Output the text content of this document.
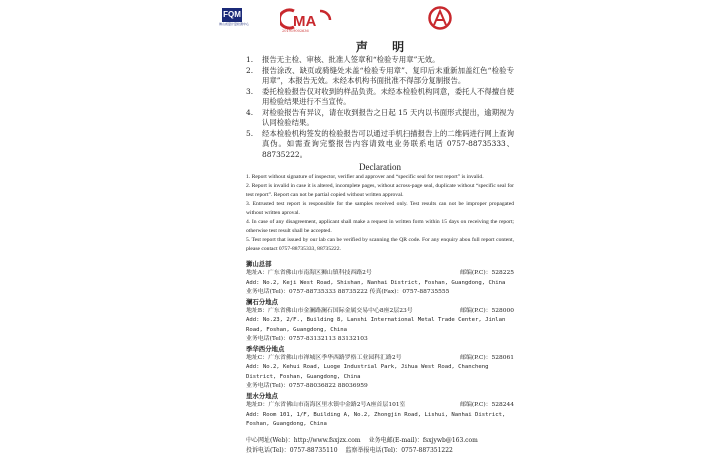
FQM
佛山质量计量检测中心	MA
201919002636
声 明
1.	报告无主检、审核、批准人签章和“检验专用章”无效。
2.	报告涂改、缺页或骑缝处未盖“检验专用章”、复印后未重新加盖红色“检验专用章”，本报告无效。未经本机构书面批准不得部分复制报告。
3.	委托检验报告仅对收到的样品负责。未经本检验机构同意，委托人不得擅自使用检验结果进行不当宣传。
4.	对检验报告有异议，请在收到报告之日起 15 天内以书面形式提出，逾期视为认同检验结果。
5.	经本检验机构签发的检验报告可以通过手机扫描报告上的二维码进行网上查询真伪。如需查询完整报告内容请致电业务联系电话 0757-88735333、88735222。
Declaration
1. Report without signature of inspector, verifier and approver and “specific seal for test report” is invalid.
2. Report is invalid in case it is altered, incomplete pages, without across-page seal, duplicate without “specific seal for test report”. Report can not be partial copied without written approval.
3. Entrusted test report is responsible for the samples received only. Test results can not be improper propagated without written aproval.
4. In case of any disagreement, applicant shall make a request in written form within 15 days on receiving the report; otherwise test result shall be accepted.
5. Test report that issued by our lab can be verified by scanning the QR code. For any enquiry abou full report content, please contact 0757-88735333, 88735222.
狮山总部
地址A：广东省佛山市南海区狮山镇科技西路2号	邮编(P.C)：528225
Add: No.2, Keji West Road, Shishan, Nanhai District, Foshan, Guangdong, China
业务电话(Tel)：0757-88735333 88735222 传真(Fax)：0757-88735555
澜石分地点
地址B：广东省佛山市金澜路澜石国际金属交易中心8座2层23号	邮编(P.C)：528000
Add: No.23, 2/F., Building 8, Lanshi International Metal Trade Center, Jinlan Road, Foshan, Guangdong, China
业务电话(Tel)：0757-83132113 83132103
季华西分地点
地址C：广东省佛山市禅城区季华西路罗格工业园科汇路2号	邮编(P.C)：528061
Add: No.2, Kehui Road, Luoge Industrial Park, Jihua West Road, Chancheng District, Foshan, Guangdong, China
业务电话(Tel)：0757-88036822 88036959
里水分地点
地址D：广东省佛山市南海区里水镇中金路2号A座首层101室	邮编(P.C)：528244
Add: Room 101, 1/F, Building A, No.2, Zhongjin Road, Lishui, Nanhai District, Foshan, Guangdong, China
中心网址(Web)：http://www.fsxjzx.com 业务电邮(E-mail)：fsxjywb@163.com
投诉电话(Tel)：0757-88735110 监察举报电话(Tel)：0757-887351222
